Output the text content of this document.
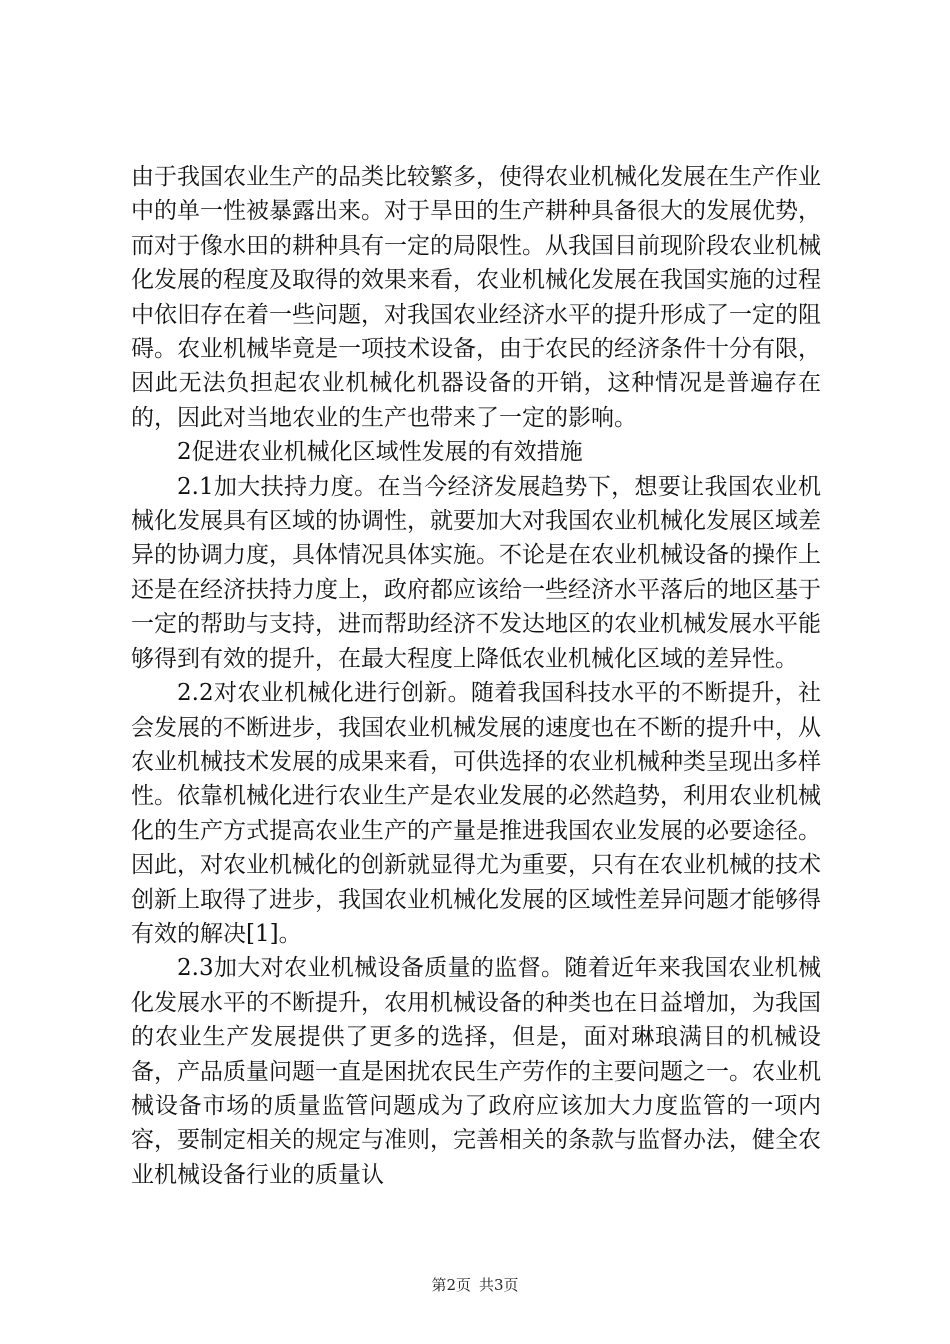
由于我国农业生产的品类比较繁多，使得农业机械化发展在生产作业中的单一性被暴露出来。对于旱田的生产耕种具备很大的发展优势，而对于像水田的耕种具有一定的局限性。从我国目前现阶段农业机械化发展的程度及取得的效果来看，农业机械化发展在我国实施的过程中依旧存在着一些问题，对我国农业经济水平的提升形成了一定的阻碍。农业机械毕竟是一项技术设备，由于农民的经济条件十分有限，因此无法负担起农业机械化机器设备的开销，这种情况是普遍存在的，因此对当地农业的生产也带来了一定的影响。

2促进农业机械化区域性发展的有效措施

2.1加大扶持力度。在当今经济发展趋势下，想要让我国农业机械化发展具有区域的协调性，就要加大对我国农业机械化发展区域差异的协调力度，具体情况具体实施。不论是在农业机械设备的操作上还是在经济扶持力度上，政府都应该给一些经济水平落后的地区基于一定的帮助与支持，进而帮助经济不发达地区的农业机械发展水平能够得到有效的提升，在最大程度上降低农业机械化区域的差异性。

2.2对农业机械化进行创新。随着我国科技水平的不断提升，社会发展的不断进步，我国农业机械发展的速度也在不断的提升中，从农业机械技术发展的成果来看，可供选择的农业机械种类呈现出多样性。依靠机械化进行农业生产是农业发展的必然趋势，利用农业机械化的生产方式提高农业生产的产量是推进我国农业发展的必要途径。因此，对农业机械化的创新就显得尤为重要，只有在农业机械的技术创新上取得了进步，我国农业机械化发展的区域性差异问题才能够得有效的解决[1]。

2.3加大对农业机械设备质量的监督。随着近年来我国农业机械化发展水平的不断提升，农用机械设备的种类也在日益增加，为我国的农业生产发展提供了更多的选择，但是，面对琳琅满目的机械设备，产品质量问题一直是困扰农民生产劳作的主要问题之一。农业机械设备市场的质量监管问题成为了政府应该加大力度监管的一项内容，要制定相关的规定与准则，完善相关的条款与监督办法，健全农业机械设备行业的质量认

第2页 共3页
